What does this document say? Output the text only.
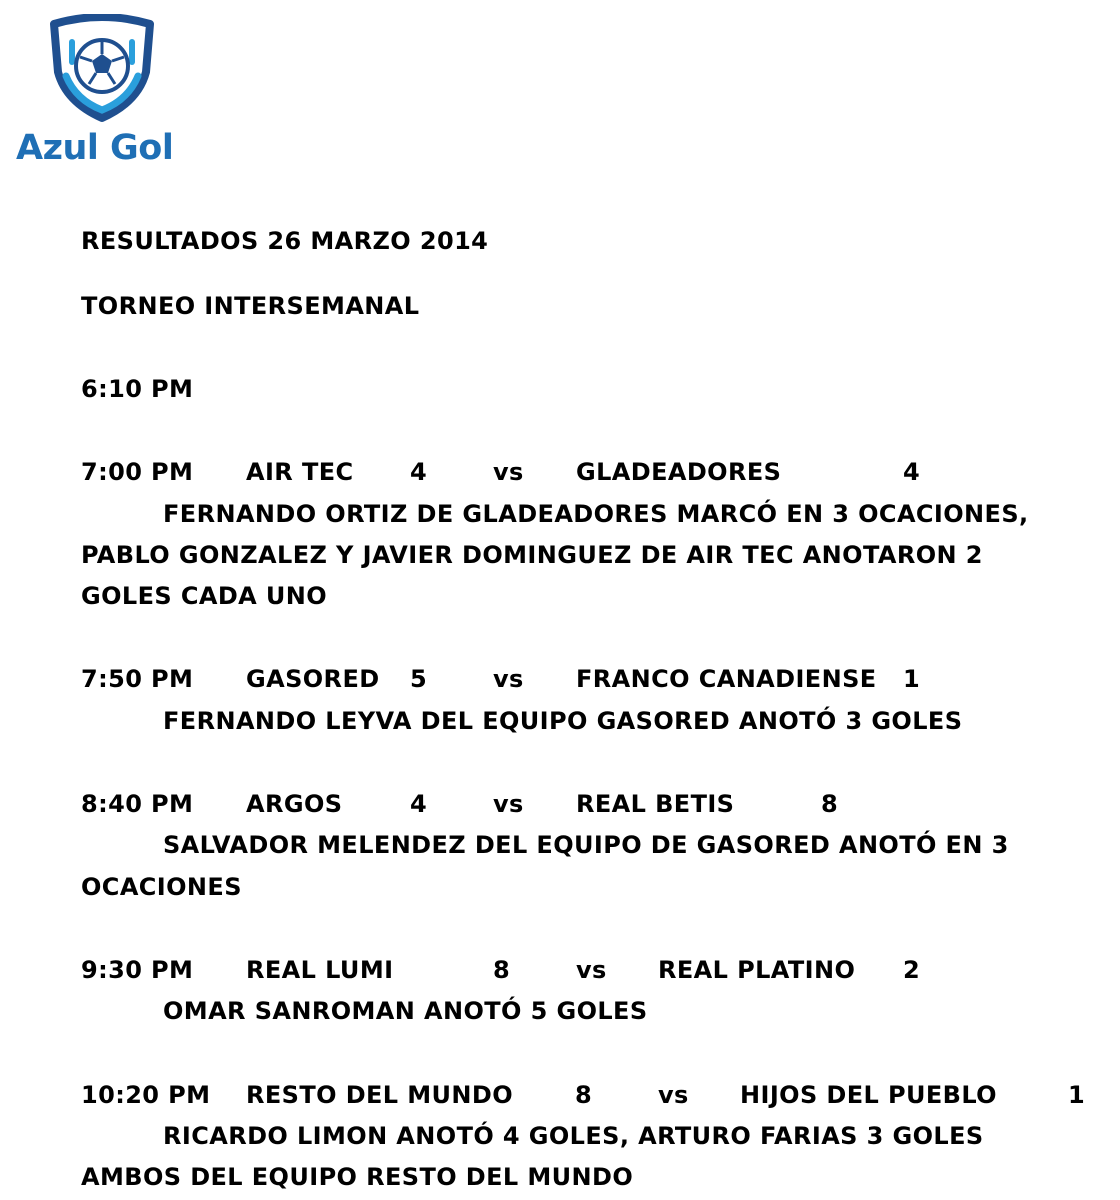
Azul Gol
RESULTADOS 26 MARZO 2014
TORNEO INTERSEMANAL
6:10 PM
7:00 PM AIR TEC 4	vs GLADEADORES	4
FERNANDO ORTIZ DE GLADEADORES MARCÓ EN 3 OCACIONES,
PABLO GONZALEZ Y JAVIER DOMINGUEZ DE AIR TEC ANOTARON 2
GOLES CADA UNO
7:50 PM GASORED 5	vs FRANCO CANADIENSE 1
FERNANDO LEYVA DEL EQUIPO GASORED ANOTÓ 3 GOLES
8:40 PM ARGOS	4	vs REAL BETIS	8
SALVADOR MELENDEZ DEL EQUIPO DE GASORED ANOTÓ EN 3
OCACIONES
9:30 PM REAL LUMI	8	vs REAL PLATINO 2
OMAR SANROMAN ANOTÓ 5 GOLES
10:20 PM RESTO DEL MUNDO	8	vs HIJOS DEL PUEBLO	1
RICARDO LIMON ANOTÓ 4 GOLES, ARTURO FARIAS 3 GOLES
AMBOS DEL EQUIPO RESTO DEL MUNDO
